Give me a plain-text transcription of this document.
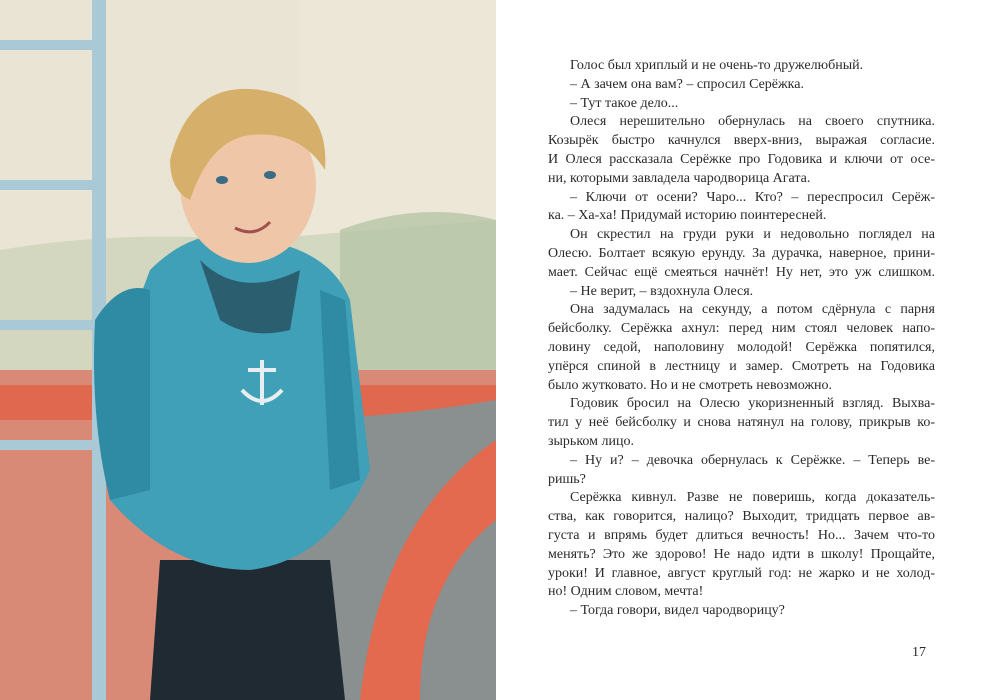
Голос был хриплый и не очень-то дружелюбный.
– А зачем она вам? – спросил Серёжка.
– Тут такое дело...
Олеся нерешительно обернулась на своего спутника.
Козырёк быстро качнулся вверх-вниз, выражая согласие.
И Олеся рассказала Серёжке про Годовика и ключи от осе-
ни, которыми завладела чародворица Агата.
– Ключи от осени? Чаро... Кто? – переспросил Серёж-
ка. – Ха-ха! Придумай историю поинтересней.
Он скрестил на груди руки и недовольно поглядел на
Олесю. Болтает всякую ерунду. За дурачка, наверное, прини-
мает. Сейчас ещё смеяться начнёт! Ну нет, это уж слишком.
– Не верит, – вздохнула Олеся.
Она задумалась на секунду, а потом сдёрнула с парня
бейсболку. Серёжка ахнул: перед ним стоял человек напо-
ловину седой, наполовину молодой! Серёжка попятился,
упёрся спиной в лестницу и замер. Смотреть на Годовика
было жутковато. Но и не смотреть невозможно.
Годовик бросил на Олесю укоризненный взгляд. Выхва-
тил у неё бейсболку и снова натянул на голову, прикрыв ко-
зырьком лицо.
– Ну и? – девочка обернулась к Серёжке. – Теперь ве-
ришь?
Серёжка кивнул. Разве не поверишь, когда доказатель-
ства, как говорится, налицо? Выходит, тридцать первое ав-
густа и впрямь будет длиться вечность! Но... Зачем что-то
менять? Это же здорово! Не надо идти в школу! Прощайте,
уроки! И главное, август круглый год: не жарко и не холод-
но! Одним словом, мечта!
– Тогда говори, видел чародворицу?
17
